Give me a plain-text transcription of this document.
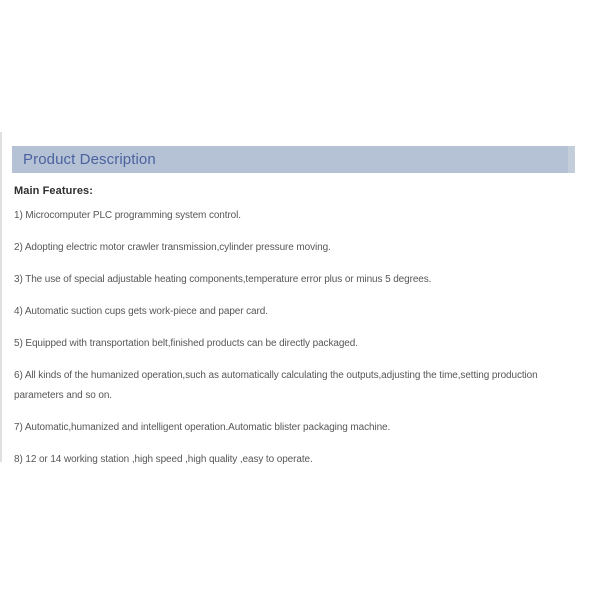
Product Description
Main Features:

1) Microcomputer PLC programming system control.

2) Adopting electric motor crawler transmission,cylinder pressure moving.

3) The use of special adjustable heating components,temperature error plus or minus 5 degrees.

4) Automatic suction cups gets work-piece and paper card.

5) Equipped with transportation belt,finished products can be directly packaged.

6) All kinds of the humanized operation,such as automatically calculating the outputs,adjusting the time,setting production parameters and so on.

7) Automatic,humanized and intelligent operation.Automatic blister packaging machine.

8) 12 or 14 working station ,high speed ,high quality ,easy to operate.
